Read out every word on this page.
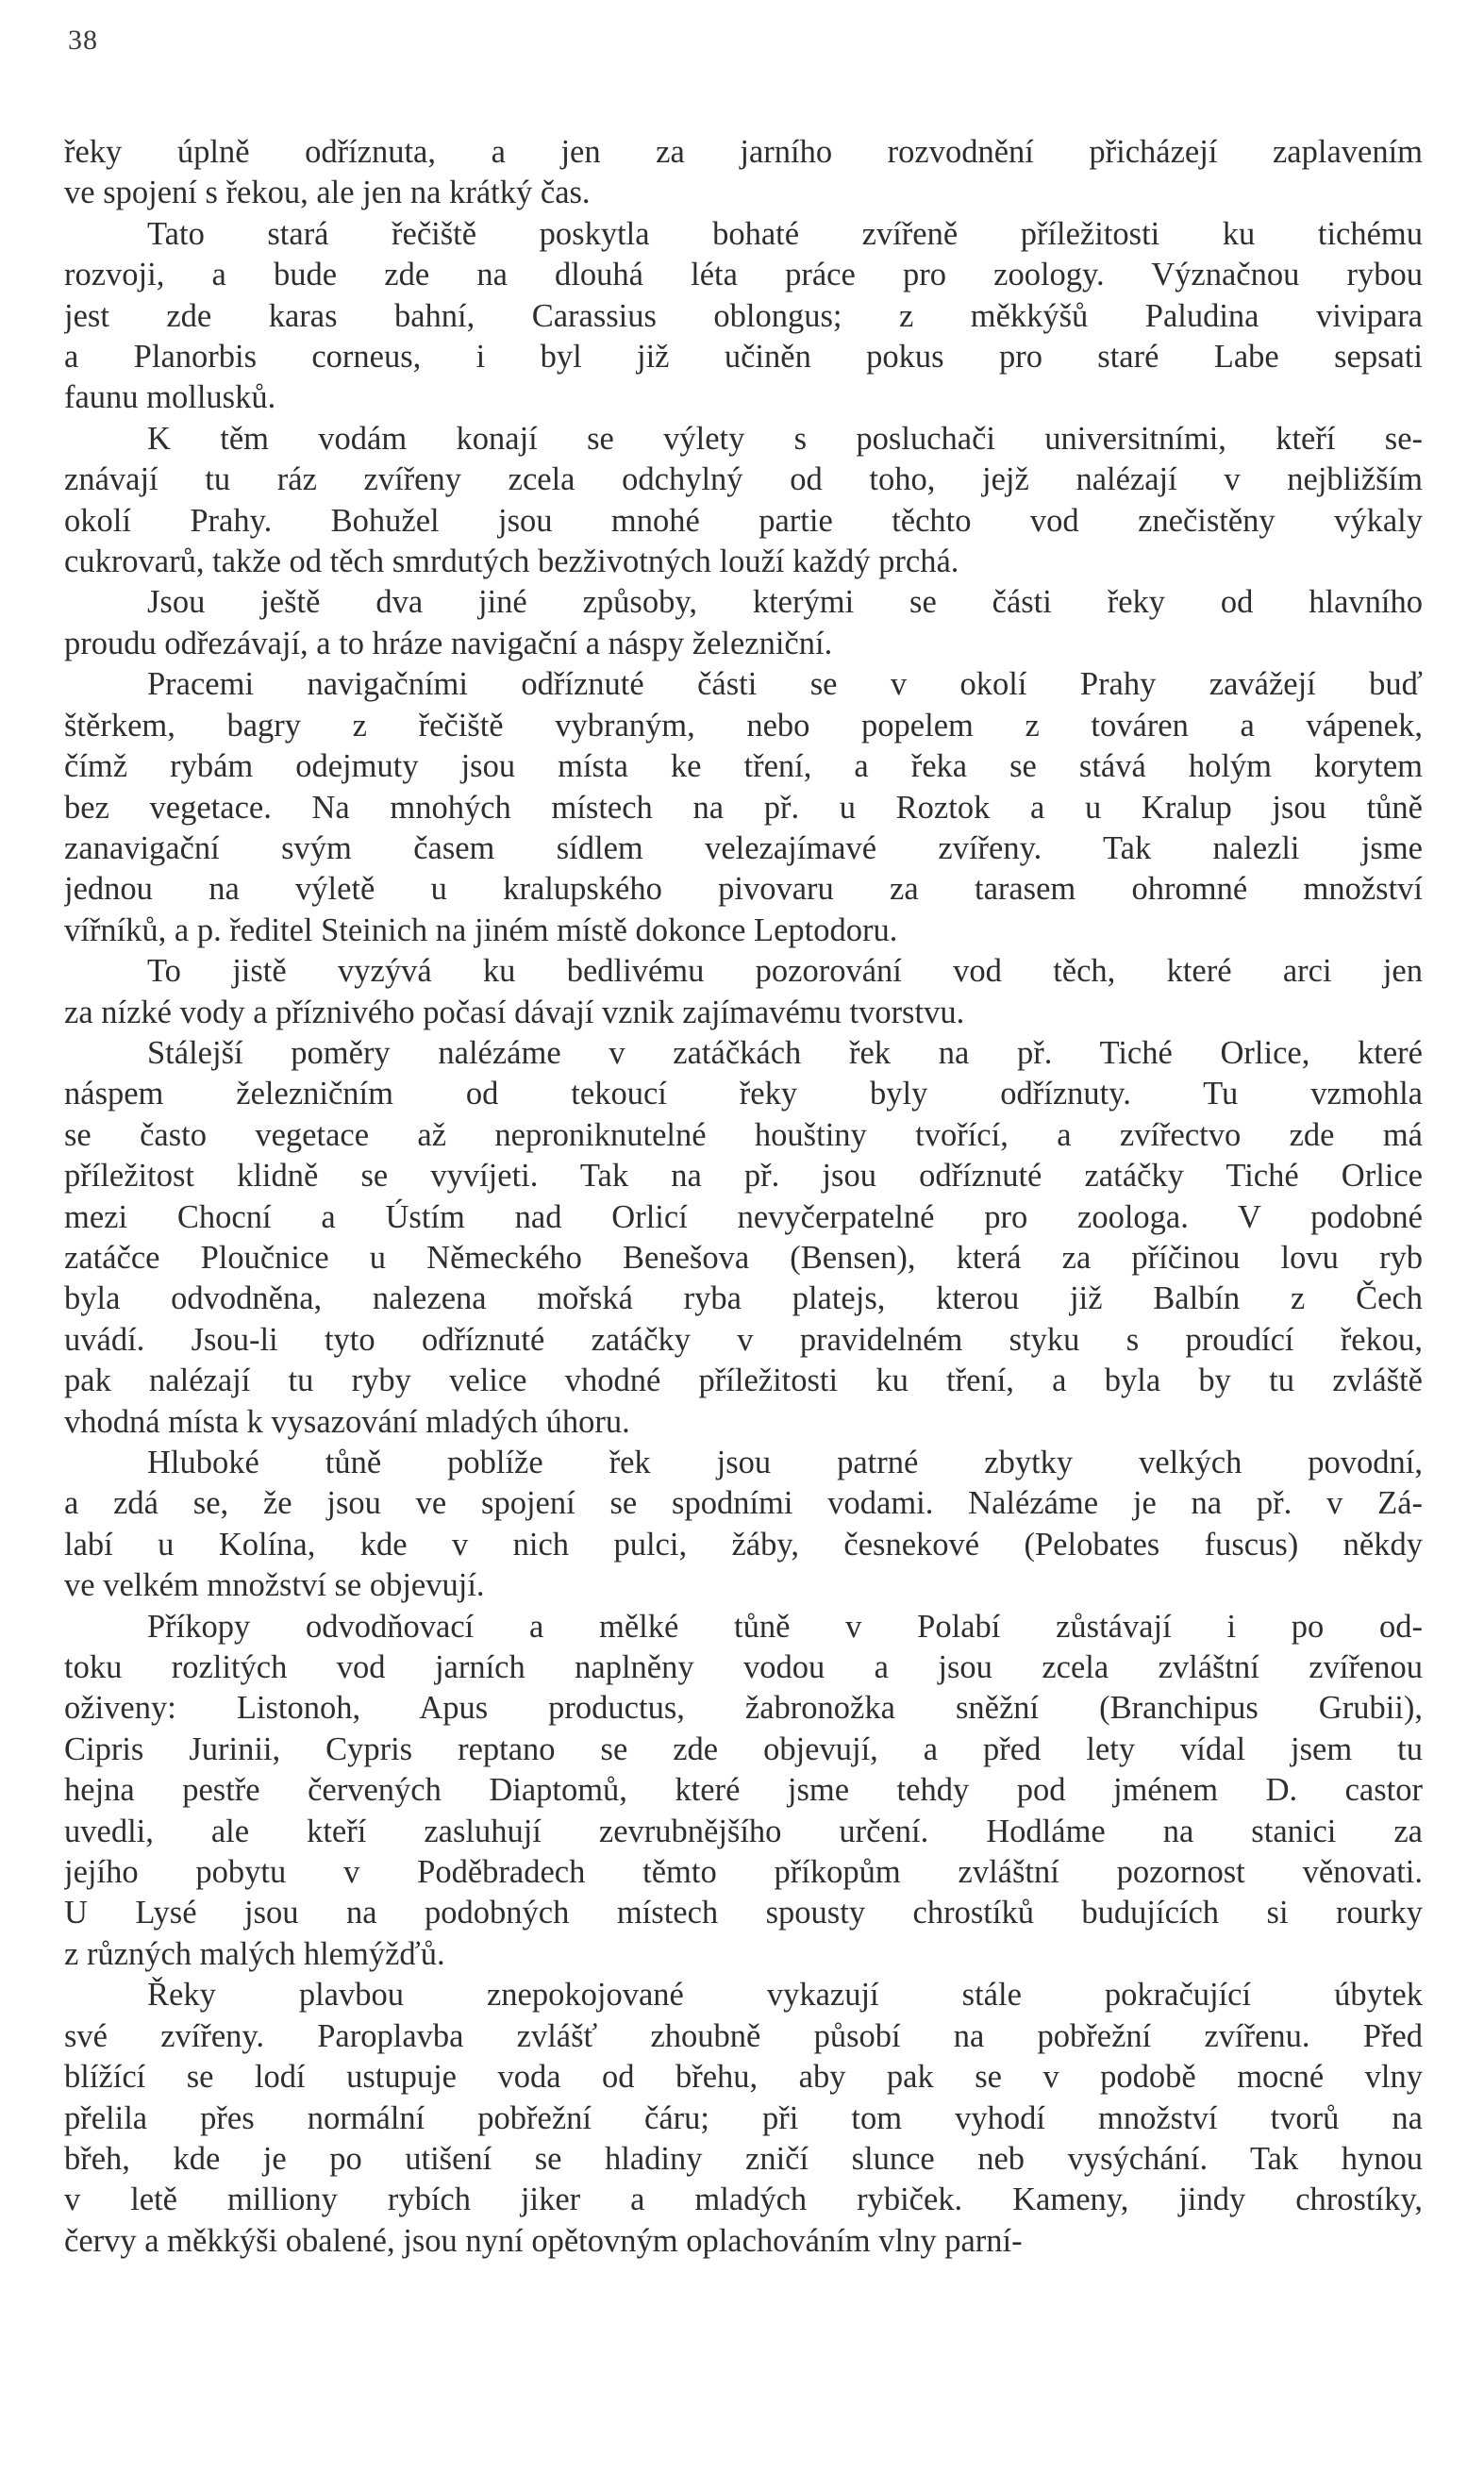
38
řeky úplně odříznuta, a jen za jarního rozvodnění přicházejí zaplavením
ve spojení s řekou, ale jen na krátký čas.
Tato stará řečiště poskytla bohaté zvířeně příležitosti ku tichému
rozvoji, a bude zde na dlouhá léta práce pro zoology. Význačnou rybou
jest zde karas bahní, Carassius oblongus; z měkkýšů Paludina vivipara
a Planorbis corneus, i byl již učiněn pokus pro staré Labe sepsati
faunu mollusků.
K těm vodám konají se výlety s posluchači universitními, kteří se-
znávají tu ráz zvířeny zcela odchylný od toho, jejž nalézají v nejbližším
okolí Prahy. Bohužel jsou mnohé partie těchto vod znečistěny výkaly
cukrovarů, takže od těch smrdutých bezživotných louží každý prchá.
Jsou ještě dva jiné způsoby, kterými se části řeky od hlavního
proudu odřezávají, a to hráze navigační a náspy železniční.
Pracemi navigačními odříznuté části se v okolí Prahy zavážejí buď
štěrkem, bagry z řečiště vybraným, nebo popelem z továren a vápenek,
čímž rybám odejmuty jsou místa ke tření, a řeka se stává holým korytem
bez vegetace. Na mnohých místech na př. u Roztok a u Kralup jsou tůně
zanavigační svým časem sídlem velezajímavé zvířeny. Tak nalezli jsme
jednou na výletě u kralupského pivovaru za tarasem ohromné množství
vířníků, a p. ředitel Steinich na jiném místě dokonce Leptodoru.
To jistě vyzývá ku bedlivému pozorování vod těch, které arci jen
za nízké vody a příznivého počasí dávají vznik zajímavému tvorstvu.
Stálejší poměry nalézáme v zatáčkách řek na př. Tiché Orlice, které
náspem železničním od tekoucí řeky byly odříznuty. Tu vzmohla
se často vegetace až neproniknutelné houštiny tvořící, a zvířectvo zde má
příležitost klidně se vyvíjeti. Tak na př. jsou odříznuté zatáčky Tiché Orlice
mezi Chocní a Ústím nad Orlicí nevyčerpatelné pro zoologa. V podobné
zatáčce Ploučnice u Německého Benešova (Bensen), která za příčinou lovu ryb
byla odvodněna, nalezena mořská ryba platejs, kterou již Balbín z Čech
uvádí. Jsou-li tyto odříznuté zatáčky v pravidelném styku s proudící řekou,
pak nalézají tu ryby velice vhodné příležitosti ku tření, a byla by tu zvláště
vhodná místa k vysazování mladých úhoru.
Hluboké tůně poblíže řek jsou patrné zbytky velkých povodní,
a zdá se, že jsou ve spojení se spodními vodami. Nalézáme je na př. v Zá-
labí u Kolína, kde v nich pulci, žáby, česnekové (Pelobates fuscus) někdy
ve velkém množství se objevují.
Příkopy odvodňovací a mělké tůně v Polabí zůstávají i po od-
toku rozlitých vod jarních naplněny vodou a jsou zcela zvláštní zvířenou
oživeny: Listonoh, Apus productus, žabronožka sněžní (Branchipus Grubii),
Cipris Jurinii, Cypris reptano se zde objevují, a před lety vídal jsem tu
hejna pestře červených Diaptomů, které jsme tehdy pod jménem D. castor
uvedli, ale kteří zasluhují zevrubnějšího určení. Hodláme na stanici za
jejího pobytu v Poděbradech těmto příkopům zvláštní pozornost věnovati.
U Lysé jsou na podobných místech spousty chrostíků budujících si rourky
z různých malých hlemýžďů.
Řeky plavbou znepokojované vykazují stále pokračující úbytek
své zvířeny. Paroplavba zvlášť zhoubně působí na pobřežní zvířenu. Před
blížící se lodí ustupuje voda od břehu, aby pak se v podobě mocné vlny
přelila přes normální pobřežní čáru; při tom vyhodí množství tvorů na
břeh, kde je po utišení se hladiny zničí slunce neb vysýchání. Tak hynou
v letě milliony rybích jiker a mladých rybiček. Kameny, jindy chrostíky,
červy a měkkýši obalené, jsou nyní opětovným oplachováním vlny parní-
